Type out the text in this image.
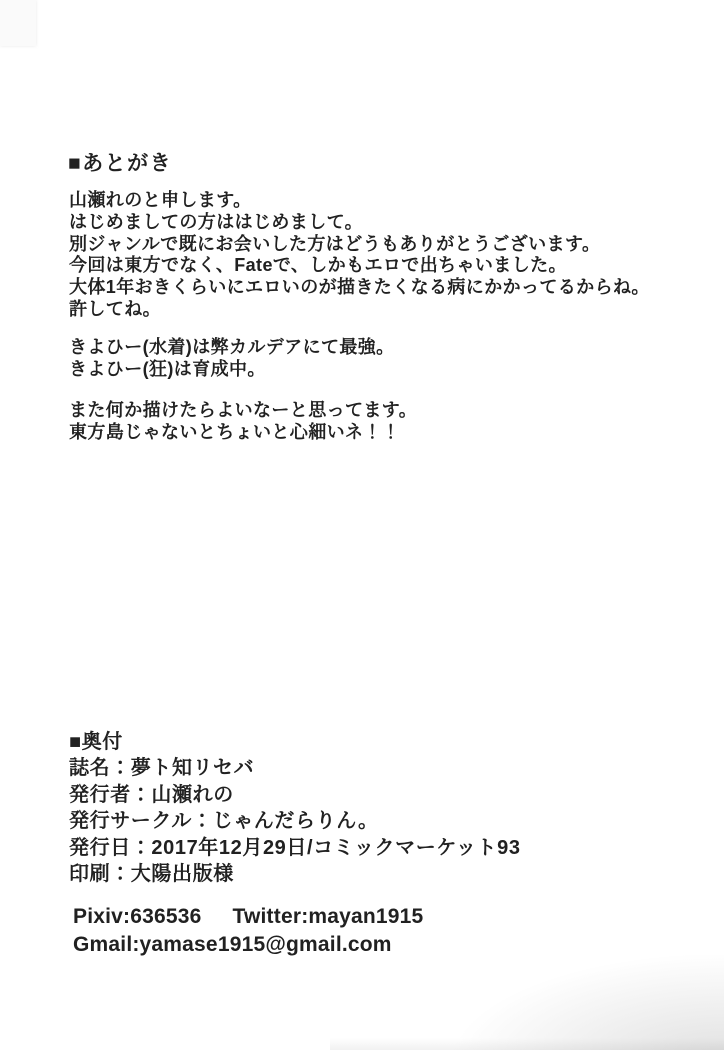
■あとがき

山瀬れのと申します。
はじめましての方ははじめまして。
別ジャンルで既にお会いした方はどうもありがとうございます。
今回は東方でなく、Fateで、しかもエロで出ちゃいました。
大体1年おきくらいにエロいのが描きたくなる病にかかってるからね。
許してね。

きよひー(水着)は弊カルデアにて最強。
きよひー(狂)は育成中。

また何か描けたらよいなーと思ってます。
東方島じゃないとちょいと心細いネ！！

■奥付
誌名：夢ト知リセバ
発行者：山瀬れの
発行サークル：じゃんだらりん。
発行日：2017年12月29日/コミックマーケット93
印刷：大陽出版様
Pixiv:636536 Twitter:mayan1915
Gmail:yamase1915@gmail.com
